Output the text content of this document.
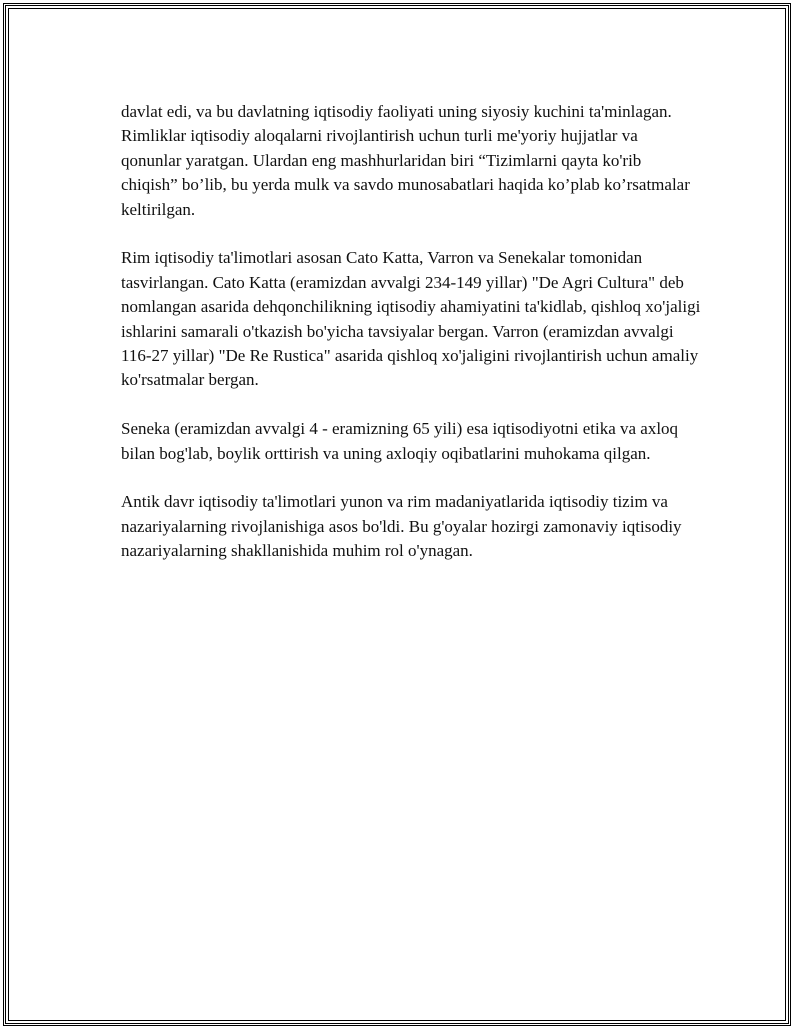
davlat edi, va bu davlatning iqtisodiy faoliyati uning siyosiy kuchini ta'minlagan. Rimliklar iqtisodiy aloqalarni rivojlantirish uchun turli me'yoriy hujjatlar va qonunlar yaratgan. Ulardan eng mashhurlaridan biri “Tizimlarni qayta ko'rib chiqish” bo’lib, bu yerda mulk va savdo munosabatlari haqida ko’plab ko’rsatmalar keltirilgan.

Rim iqtisodiy ta'limotlari asosan Cato Katta, Varron va Senekalar tomonidan tasvirlangan. Cato Katta (eramizdan avvalgi 234-149 yillar) "De Agri Cultura" deb nomlangan asarida dehqonchilikning iqtisodiy ahamiyatini ta'kidlab, qishloq xo'jaligi ishlarini samarali o'tkazish bo'yicha tavsiyalar bergan. Varron (eramizdan avvalgi 116-27 yillar) "De Re Rustica" asarida qishloq xo'jaligini rivojlantirish uchun amaliy ko'rsatmalar bergan.

Seneka (eramizdan avvalgi 4 - eramizning 65 yili) esa iqtisodiyotni etika va axloq bilan bog'lab, boylik orttirish va uning axloqiy oqibatlarini muhokama qilgan.

Antik davr iqtisodiy ta'limotlari yunon va rim madaniyatlarida iqtisodiy tizim va nazariyalarning rivojlanishiga asos bo'ldi. Bu g'oyalar hozirgi zamonaviy iqtisodiy nazariyalarning shakllanishida muhim rol o'ynagan.
